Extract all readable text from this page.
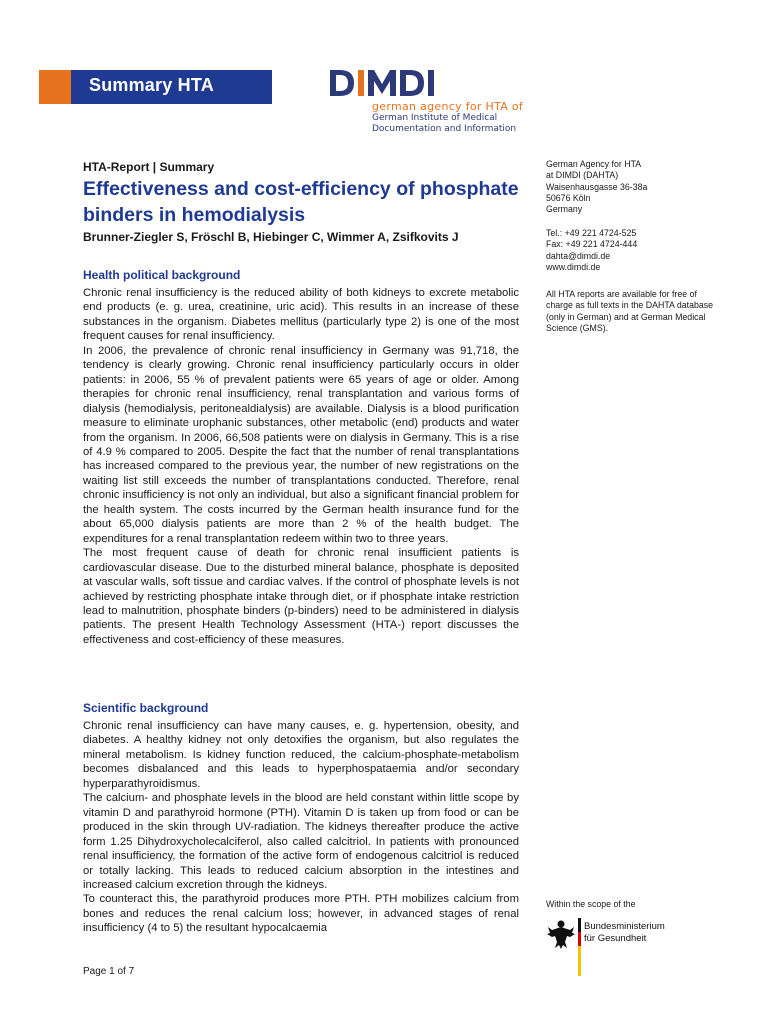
Summary HTA
german agency for HTA of
German Institute of Medical
Documentation and Information
HTA-Report | Summary
Effectiveness and cost-efficiency of phosphate binders in hemodialysis
Brunner-Ziegler S, Fröschl B, Hiebinger C, Wimmer A, Zsifkovits J
Health political background

Chronic renal insufficiency is the reduced ability of both kidneys to excrete metabolic end products (e. g. urea, creatinine, uric acid). This results in an increase of these substances in the organism. Diabetes mellitus (particularly type 2) is one of the most frequent causes for renal insufficiency.

In 2006, the prevalence of chronic renal insufficiency in Germany was 91,718, the tendency is clearly growing. Chronic renal insufficiency particularly occurs in older patients: in 2006, 55 % of prevalent patients were 65 years of age or older. Among therapies for chronic renal insufficiency, renal transplantation and various forms of dialysis (hemodialysis, peritonealdialysis) are available. Dialysis is a blood purification measure to eliminate urophanic substances, other metabolic (end) products and water from the organism. In 2006, 66,508 patients were on dialysis in Germany. This is a rise of 4.9 % compared to 2005. Despite the fact that the number of renal transplantations has increased compared to the previous year, the number of new registrations on the waiting list still exceeds the number of transplantations conducted. Therefore, renal chronic insufficiency is not only an individual, but also a significant financial problem for the health system. The costs incurred by the German health insurance fund for the about 65,000 dialysis patients are more than 2 % of the health budget. The expenditures for a renal transplantation redeem within two to three years.

The most frequent cause of death for chronic renal insufficient patients is cardiovascular disease. Due to the disturbed mineral balance, phosphate is deposited at vascular walls, soft tissue and cardiac valves. If the control of phosphate levels is not achieved by restricting phosphate intake through diet, or if phosphate intake restriction lead to malnutrition, phosphate binders (p-binders) need to be administered in dialysis patients. The present Health Technology Assessment (HTA-) report discusses the effectiveness and cost-efficiency of these measures.

Scientific background

Chronic renal insufficiency can have many causes, e. g. hypertension, obesity, and diabetes. A healthy kidney not only detoxifies the organism, but also regulates the mineral metabolism. Is kidney function reduced, the calcium-phosphate-metabolism becomes disbalanced and this leads to hyperphospataemia and/or secondary hyperparathyroidismus.

The calcium- and phosphate levels in the blood are held constant within little scope by vitamin D and parathyroid hormone (PTH). Vitamin D is taken up from food or can be produced in the skin through UV-radiation. The kidneys thereafter produce the active form 1.25 Dihydroxycholecalciferol, also called calcitriol. In patients with pronounced renal insufficiency, the formation of the active form of endogenous calcitriol is reduced or totally lacking. This leads to reduced calcium absorption in the intestines and increased calcium excretion through the kidneys.

To counteract this, the parathyroid produces more PTH. PTH mobilizes calcium from bones and reduces the renal calcium loss; however, in advanced stages of renal insufficiency (4 to 5) the resultant hypocalcaemia

German Agency for HTA
at DIMDI (DAHTA)
Waisenhausgasse 36-38a
50676 Köln
Germany
Tel.: +49 221 4724-525
Fax: +49 221 4724-444
dahta@dimdi.de
www.dimdi.de
All HTA reports are available for free of charge as full texts in the DAHTA database (only in German) and at German Medical Science (GMS).
Within the scope of the
Bundesministerium
für Gesundheit
Page 1 of 7
